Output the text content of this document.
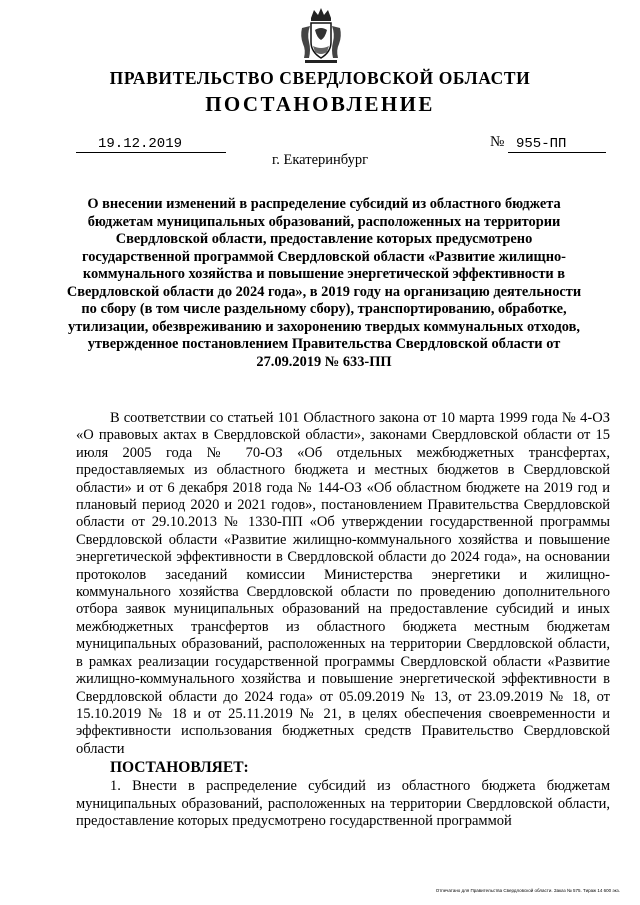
ПРАВИТЕЛЬСТВО СВЕРДЛОВСКОЙ ОБЛАСТИ
ПОСТАНОВЛЕНИЕ
19.12.2019	№ 955-ПП
г. Екатеринбург
О внесении изменений в распределение субсидий из областного бюджета бюджетам муниципальных образований, расположенных на территории Свердловской области, предоставление которых предусмотрено государственной программой Свердловской области «Развитие жилищно-коммунального хозяйства и повышение энергетической эффективности в Свердловской области до 2024 года», в 2019 году на организацию деятельности по сбору (в том числе раздельному сбору), транспортированию, обработке, утилизации, обезвреживанию и захоронению твердых коммунальных отходов, утвержденное постановлением Правительства Свердловской области от 27.09.2019 № 633-ПП

В соответствии со статьей 101 Областного закона от 10 марта 1999 года № 4-ОЗ «О правовых актах в Свердловской области», законами Свердловской области от 15 июля 2005 года № 70-ОЗ «Об отдельных межбюджетных трансфертах, предоставляемых из областного бюджета и местных бюджетов в Свердловской области» и от 6 декабря 2018 года № 144-ОЗ «Об областном бюджете на 2019 год и плановый период 2020 и 2021 годов», постановлением Правительства Свердловской области от 29.10.2013 № 1330-ПП «Об утверждении государственной программы Свердловской области «Развитие жилищно-коммунального хозяйства и повышение энергетической эффективности в Свердловской области до 2024 года», на основании протоколов заседаний комиссии Министерства энергетики и жилищно-коммунального хозяйства Свердловской области по проведению дополнительного отбора заявок муниципальных образований на предоставление субсидий и иных межбюджетных трансфертов из областного бюджета местным бюджетам муниципальных образований, расположенных на территории Свердловской области, в рамках реализации государственной программы Свердловской области «Развитие жилищно-коммунального хозяйства и повышение энергетической эффективности в Свердловской области до 2024 года» от 05.09.2019 № 13, от 23.09.2019 № 18, от 15.10.2019 № 18 и от 25.11.2019 № 21, в целях обеспечения своевременности и эффективности использования бюджетных средств Правительство Свердловской области

ПОСТАНОВЛЯЕТ:

1. Внести в распределение субсидий из областного бюджета бюджетам муниципальных образований, расположенных на территории Свердловской области, предоставление которых предусмотрено государственной программой

Отпечатано для Правительства Свердловской области. Заказ № 575. Тираж 14 600 экз.
